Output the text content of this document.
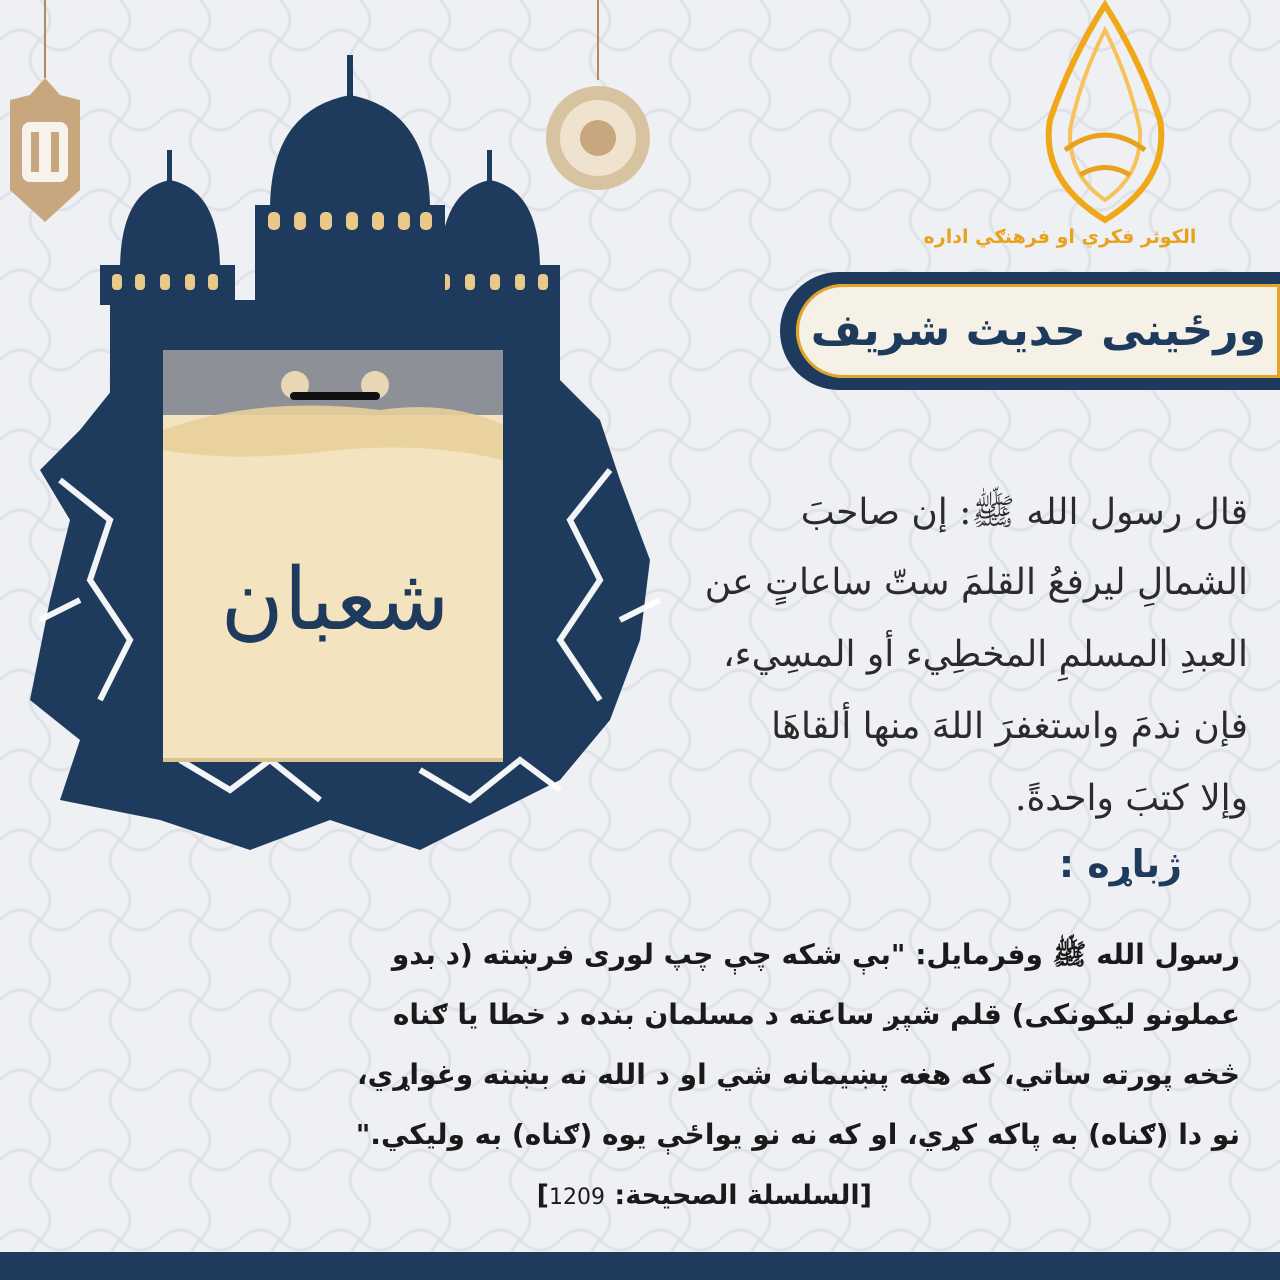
شعبان
الکوثر فکري او فرهنګي اداره
ورځینی حدیث شریف
قال رسول الله ﷺ: إن صاحبَ
الشمالِ ليرفعُ القلمَ ستّ ساعاتٍ عن
العبدِ المسلمِ المخطِيء أو المسِيء،
فإن ندمَ واستغفرَ اللهَ منها ألقاهَا
وإلا كتبَ واحدةً.
ژباړه :
رسول الله ﷺ وفرمایل: "بې شکه چې چپ لوری فرښته (د بدو
عملونو لیکونکی) قلم شپږ ساعته د مسلمان بنده د خطا یا ګناه
څخه پورته ساتي، که هغه پښیمانه شي او د الله نه بښنه وغواړي،
نو دا (ګناه) به پاکه کړي، او که نه نو یواځې یوه (ګناه) به ولیکي."
[السلسلة الصحيحة: 1209]
